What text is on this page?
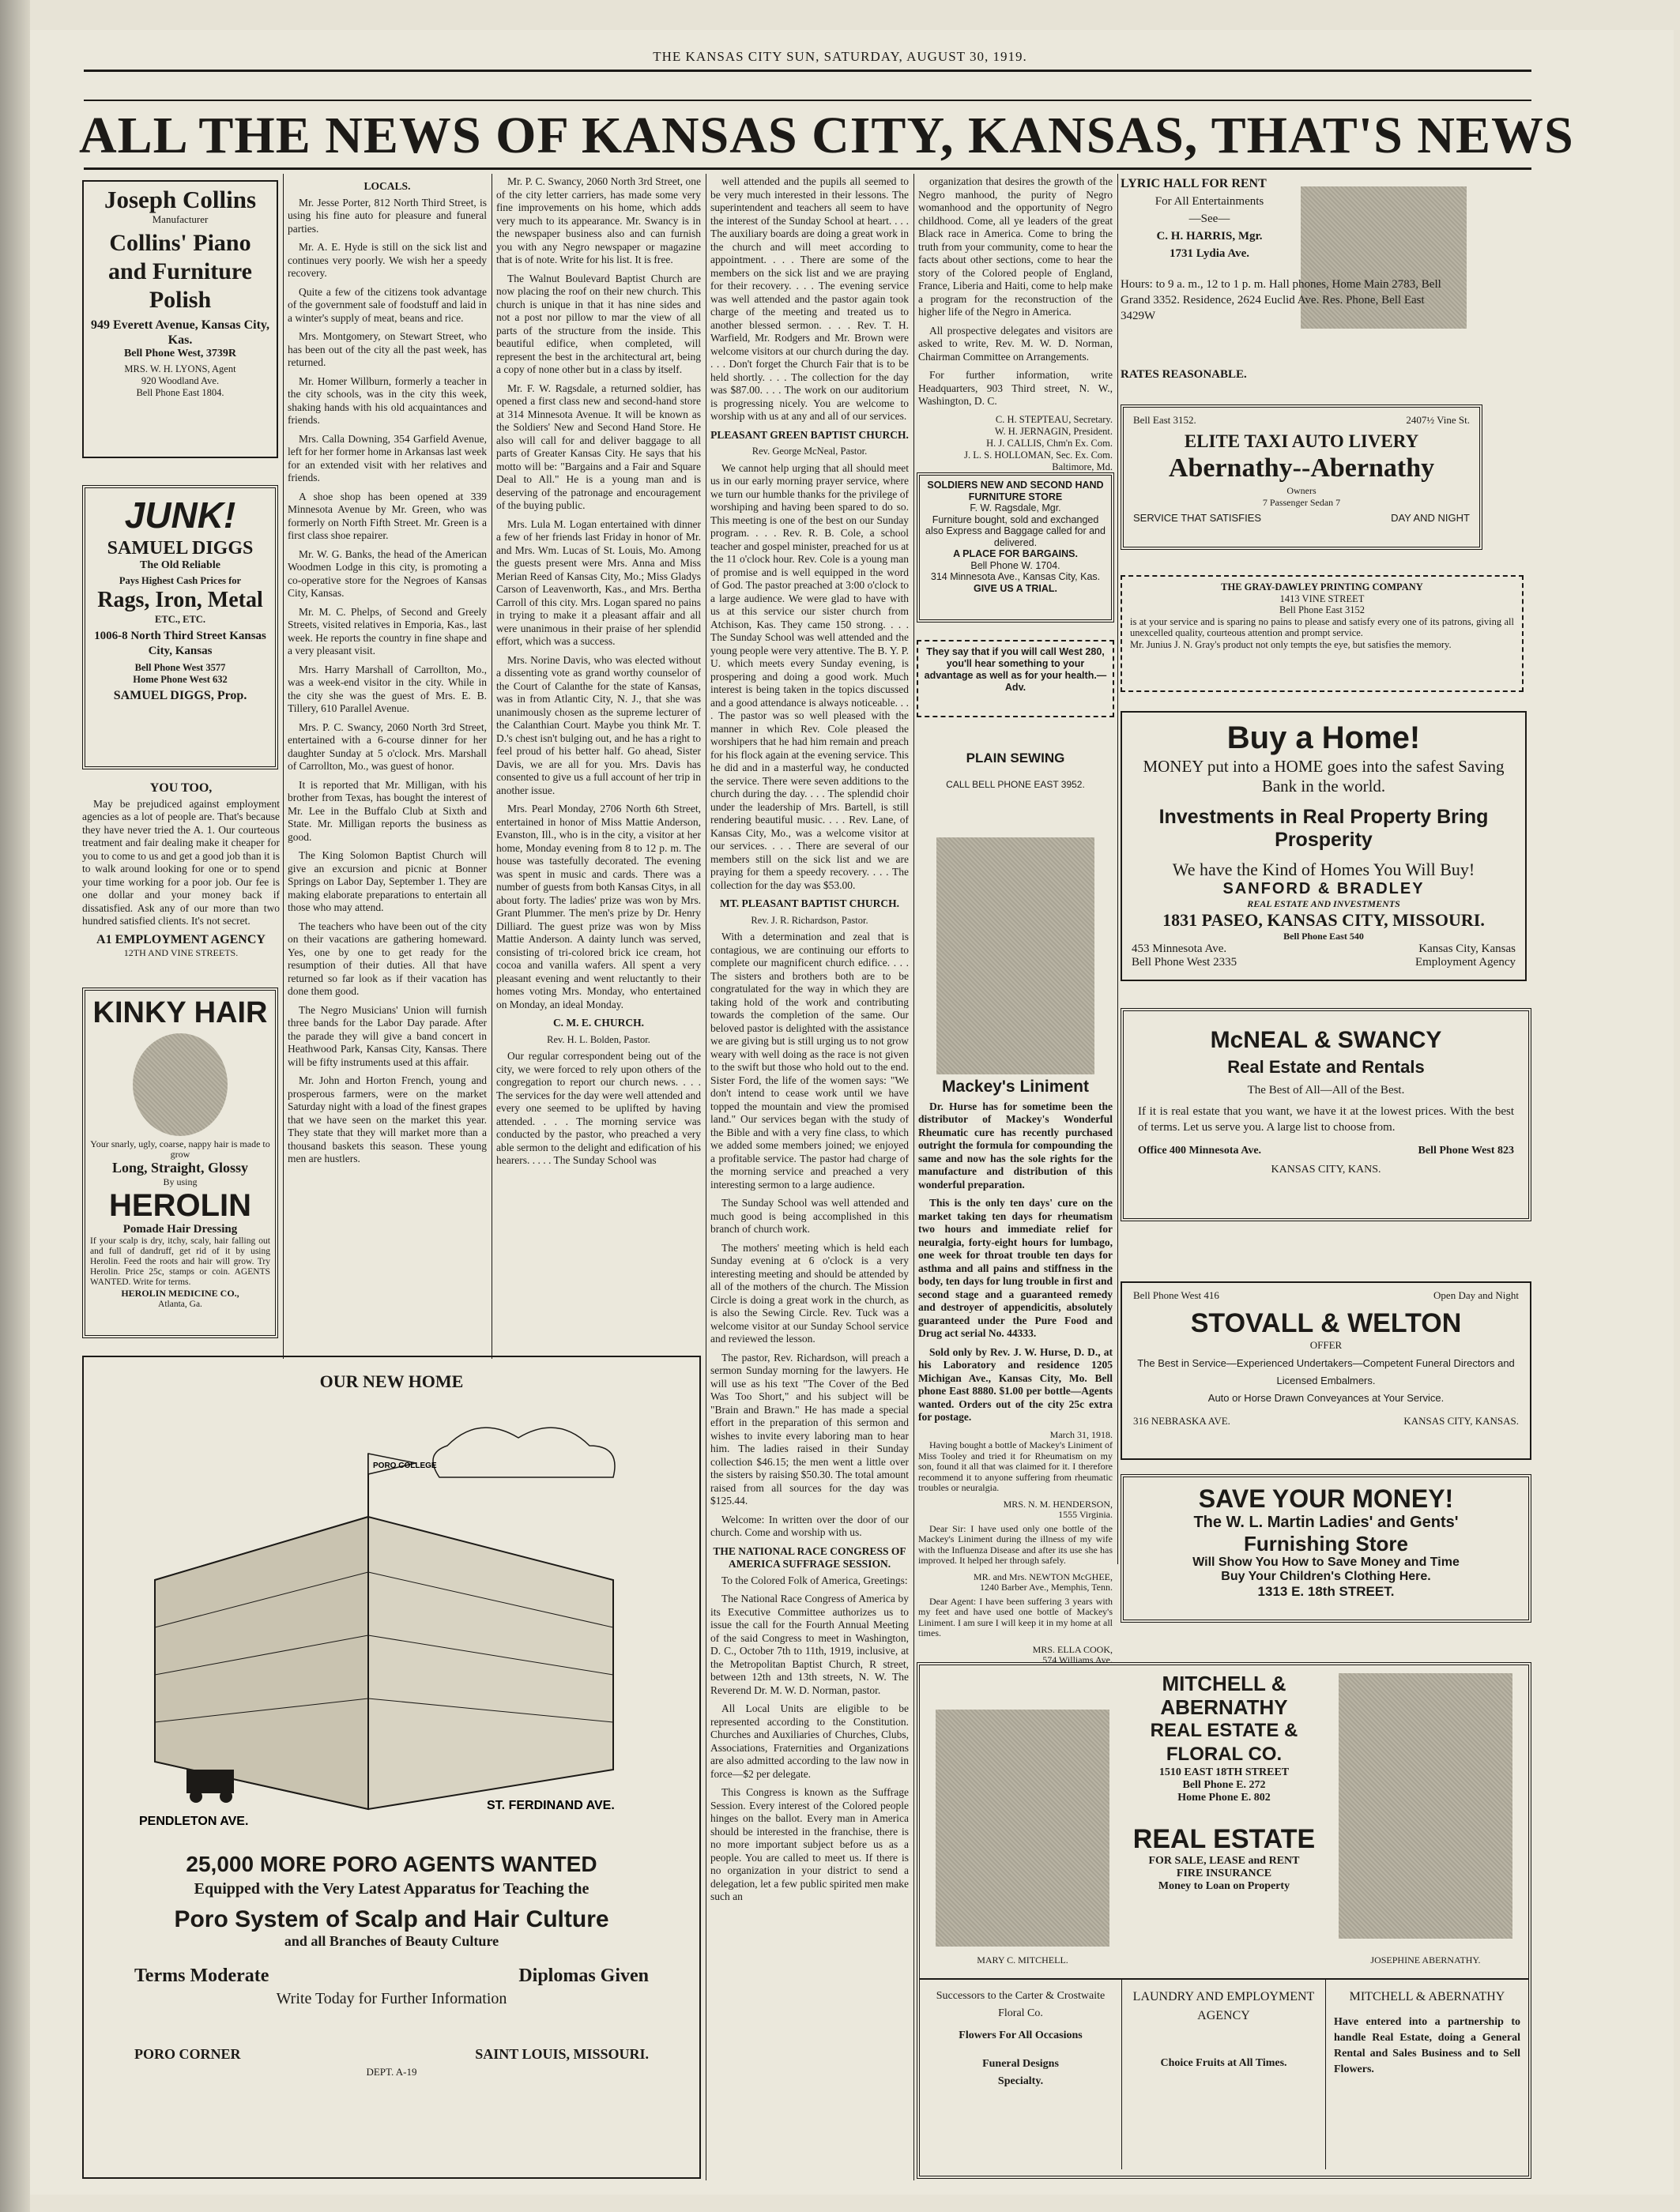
THE KANSAS CITY SUN, SATURDAY, AUGUST 30, 1919.
ALL THE NEWS OF KANSAS CITY, KANSAS, THAT'S NEWS
Joseph Collins
Manufacturer
Collins' Piano and Furniture Polish
949 Everett Avenue, Kansas City, Kas.
Bell Phone West, 3739R
MRS. W. H. LYONS, Agent
920 Woodland Ave.
Bell Phone East 1804.
JUNK!
SAMUEL DIGGS
The Old Reliable
Pays Highest Cash Prices for
Rags, Iron, Metal
ETC., ETC.
1006-8 North Third Street Kansas City, Kansas
Bell Phone West 3577
Home Phone West 632
SAMUEL DIGGS, Prop.
YOU TOO,

May be prejudiced against employment agencies as a lot of people are. That's because they have never tried the A. 1. Our courteous treatment and fair dealing make it cheaper for you to come to us and get a good job than it is to walk around looking for one or to spend your time working for a poor job. Our fee is one dollar and your money back if dissatisfied. Ask any of our more than two hundred satisfied clients. It's not secret.

A1 EMPLOYMENT AGENCY
12TH AND VINE STREETS.
KINKY HAIR
Your snarly, ugly, coarse, nappy hair is made to grow
Long, Straight, Glossy
By using
HEROLIN
Pomade Hair Dressing
If your scalp is dry, itchy, scaly, hair falling out and full of dandruff, get rid of it by using Herolin. Feed the roots and hair will grow. Try Herolin. Price 25c, stamps or coin. AGENTS WANTED. Write for terms.
HEROLIN MEDICINE CO.,
Atlanta, Ga.
LOCALS.

Mr. Jesse Porter, 812 North Third Street, is using his fine auto for pleasure and funeral parties.

Mr. A. E. Hyde is still on the sick list and continues very poorly. We wish her a speedy recovery.

Quite a few of the citizens took advantage of the government sale of foodstuff and laid in a winter's supply of meat, beans and rice.

Mrs. Montgomery, on Stewart Street, who has been out of the city all the past week, has returned.

Mr. Homer Willburn, formerly a teacher in the city schools, was in the city this week, shaking hands with his old acquaintances and friends.

Mrs. Calla Downing, 354 Garfield Avenue, left for her former home in Arkansas last week for an extended visit with her relatives and friends.

A shoe shop has been opened at 339 Minnesota Avenue by Mr. Green, who was formerly on North Fifth Street. Mr. Green is a first class shoe repairer.

Mr. W. G. Banks, the head of the American Woodmen Lodge in this city, is promoting a co-operative store for the Negroes of Kansas City, Kansas.

Mr. M. C. Phelps, of Second and Greely Streets, visited relatives in Emporia, Kas., last week. He reports the country in fine shape and a very pleasant visit.

Mrs. Harry Marshall of Carrollton, Mo., was a week-end visitor in the city. While in the city she was the guest of Mrs. E. B. Tillery, 610 Parallel Avenue.

Mrs. P. C. Swancy, 2060 North 3rd Street, entertained with a 6-course dinner for her daughter Sunday at 5 o'clock. Mrs. Marshall of Carrollton, Mo., was guest of honor.

It is reported that Mr. Milligan, with his brother from Texas, has bought the interest of Mr. Lee in the Buffalo Club at Sixth and State. Mr. Milligan reports the business as good.

The King Solomon Baptist Church will give an excursion and picnic at Bonner Springs on Labor Day, September 1. They are making elaborate preparations to entertain all those who may attend.

The teachers who have been out of the city on their vacations are gathering homeward. Yes, one by one to get ready for the resumption of their duties. All that have returned so far look as if their vacation has done them good.

The Negro Musicians' Union will furnish three bands for the Labor Day parade. After the parade they will give a band concert in Heathwood Park, Kansas City, Kansas. There will be fifty instruments used at this affair.

Mr. John and Horton French, young and prosperous farmers, were on the market Saturday night with a load of the finest grapes that we have seen on the market this year. They state that they will market more than a thousand baskets this season. These young men are hustlers.

Mr. P. C. Swancy, 2060 North 3rd Street, one of the city letter carriers, has made some very fine improvements on his home, which adds very much to its appearance. Mr. Swancy is in the newspaper business also and can furnish you with any Negro newspaper or magazine that is of note. Write for his list. It is free.

The Walnut Boulevard Baptist Church are now placing the roof on their new church. This church is unique in that it has nine sides and not a post nor pillow to mar the view of all parts of the structure from the inside. This beautiful edifice, when completed, will represent the best in the architectural art, being a copy of none other but in a class by itself.

Mr. F. W. Ragsdale, a returned soldier, has opened a first class new and second-hand store at 314 Minnesota Avenue. It will be known as the Soldiers' New and Second Hand Store. He also will call for and deliver baggage to all parts of Greater Kansas City. He says that his motto will be: "Bargains and a Fair and Square Deal to All." He is a young man and is deserving of the patronage and encouragement of the buying public.

Mrs. Lula M. Logan entertained with dinner a few of her friends last Friday in honor of Mr. and Mrs. Wm. Lucas of St. Louis, Mo. Among the guests present were Mrs. Anna and Miss Merian Reed of Kansas City, Mo.; Miss Gladys Carson of Leavenworth, Kas., and Mrs. Bertha Carroll of this city. Mrs. Logan spared no pains in trying to make it a pleasant affair and all were unanimous in their praise of her splendid effort, which was a success.

Mrs. Norine Davis, who was elected without a dissenting vote as grand worthy counselor of the Court of Calanthe for the state of Kansas, was in from Atlantic City, N. J., that she was unanimously chosen as the supreme lecturer of the Calanthian Court. Maybe you think Mr. T. D.'s chest isn't bulging out, and he has a right to feel proud of his better half. Go ahead, Sister Davis, we are all for you. Mrs. Davis has consented to give us a full account of her trip in another issue.

Mrs. Pearl Monday, 2706 North 6th Street, entertained in honor of Miss Mattie Anderson, Evanston, Ill., who is in the city, a visitor at her home, Monday evening from 8 to 12 p. m. The house was tastefully decorated. The evening was spent in music and cards. There was a number of guests from both Kansas Citys, in all about forty. The ladies' prize was won by Mrs. Grant Plummer. The men's prize by Dr. Henry Dilliard. The guest prize was won by Miss Mattie Anderson. A dainty lunch was served, consisting of tri-colored brick ice cream, hot cocoa and vanilla wafers. All spent a very pleasant evening and went reluctantly to their homes voting Mrs. Monday, who entertained on Monday, an ideal Monday.

C. M. E. CHURCH.
Rev. H. L. Bolden, Pastor.

Our regular correspondent being out of the city, we were forced to rely upon others of the congregation to report our church news. . . . The services for the day were well attended and every one seemed to be uplifted by having attended. . . . The morning service was conducted by the pastor, who preached a very able sermon to the delight and edification of his hearers. . . . . The Sunday School was

OUR NEW HOME
PORO COLLEGE
PENDLETON AVE.
ST. FERDINAND AVE.
25,000 MORE PORO AGENTS WANTED
Equipped with the Very Latest Apparatus for Teaching the
Poro System of Scalp and Hair Culture
and all Branches of Beauty Culture
Terms Moderate	Diplomas Given
Write Today for Further Information
PORO CORNER	SAINT LOUIS, MISSOURI.
DEPT. A-19

well attended and the pupils all seemed to be very much interested in their lessons. The superintendent and teachers all seem to have the interest of the Sunday School at heart. . . . The auxiliary boards are doing a great work in the church and will meet according to appointment. . . . There are some of the members on the sick list and we are praying for their recovery. . . . The evening service was well attended and the pastor again took charge of the meeting and treated us to another blessed sermon. . . . Rev. T. H. Warfield, Mr. Rodgers and Mr. Brown were welcome visitors at our church during the day. . . . Don't forget the Church Fair that is to be held shortly. . . . The collection for the day was $87.00. . . . The work on our auditorium is progressing nicely. You are welcome to worship with us at any and all of our services.

PLEASANT GREEN BAPTIST CHURCH.
Rev. George McNeal, Pastor.

We cannot help urging that all should meet us in our early morning prayer service, where we turn our humble thanks for the privilege of worshiping and having been spared to do so. This meeting is one of the best on our Sunday program. . . . Rev. R. B. Cole, a school teacher and gospel minister, preached for us at the 11 o'clock hour. Rev. Cole is a young man of promise and is well equipped in the word of God. The pastor preached at 3:00 o'clock to a large audience. We were glad to have with us at this service our sister church from Atchison, Kas. They came 150 strong. . . . The Sunday School was well attended and the young people were very attentive. The B. Y. P. U. which meets every Sunday evening, is prospering and doing a good work. Much interest is being taken in the topics discussed and a good attendance is always noticeable. . . . The pastor was so well pleased with the manner in which Rev. Cole pleased the worshipers that he had him remain and preach for his flock again at the evening service. This he did and in a masterful way, he conducted the service. There were seven additions to the church during the day. . . . The splendid choir under the leadership of Mrs. Bartell, is still rendering beautiful music. . . . Rev. Lane, of Kansas City, Mo., was a welcome visitor at our services. . . . There are several of our members still on the sick list and we are praying for them a speedy recovery. . . . The collection for the day was $53.00.

MT. PLEASANT BAPTIST CHURCH.
Rev. J. R. Richardson, Pastor.

With a determination and zeal that is contagious, we are continuing our efforts to complete our magnificent church edifice. . . . The sisters and brothers both are to be congratulated for the way in which they are taking hold of the work and contributing towards the completion of the same. Our beloved pastor is delighted with the assistance we are giving but is still urging us to not grow weary with well doing as the race is not given to the swift but those who hold out to the end. Sister Ford, the life of the women says: "We don't intend to cease work until we have topped the mountain and view the promised land." Our services began with the study of the Bible and with a very fine class, to which we added some members joined; we enjoyed a profitable service. The pastor had charge of the morning service and preached a very interesting sermon to a large audience.

The Sunday School was well attended and much good is being accomplished in this branch of church work.

The mothers' meeting which is held each Sunday evening at 6 o'clock is a very interesting meeting and should be attended by all of the mothers of the church. The Mission Circle is doing a great work in the church, as is also the Sewing Circle. Rev. Tuck was a welcome visitor at our Sunday School service and reviewed the lesson.

The pastor, Rev. Richardson, will preach a sermon Sunday morning for the lawyers. He will use as his text "The Cover of the Bed Was Too Short," and his subject will be "Brain and Brawn." He has made a special effort in the preparation of this sermon and wishes to invite every laboring man to hear him. The ladies raised in their Sunday collection $46.15; the men went a little over the sisters by raising $50.30. The total amount raised from all sources for the day was $125.44.

Welcome: In written over the door of our church. Come and worship with us.

THE NATIONAL RACE CONGRESS OF AMERICA SUFFRAGE SESSION.

To the Colored Folk of America, Greetings:

The National Race Congress of America by its Executive Committee authorizes us to issue the call for the Fourth Annual Meeting of the said Congress to meet in Washington, D. C., October 7th to 11th, 1919, inclusive, at the Metropolitan Baptist Church, R street, between 12th and 13th streets, N. W. The Reverend Dr. M. W. D. Norman, pastor.

All Local Units are eligible to be represented according to the Constitution. Churches and Auxiliaries of Churches, Clubs, Associations, Fraternities and Organizations are also admitted according to the law now in force—$2 per delegate.

This Congress is known as the Suffrage Session. Every interest of the Colored people hinges on the ballot. Every man in America should be interested in the franchise, there is no more important subject before us as a people. You are called to meet us. If there is no organization in your district to send a delegation, let a few public spirited men make such an

organization that desires the growth of the Negro manhood, the purity of Negro womanhood and the opportunity of Negro childhood. Come, all ye leaders of the great Black race in America. Come to bring the truth from your community, come to hear the facts about other sections, come to hear the story of the Colored people of England, France, Liberia and Haiti, come to help make a program for the reconstruction of the higher life of the Negro in America.

All prospective delegates and visitors are asked to write, Rev. M. W. D. Norman, Chairman Committee on Arrangements.

For further information, write Headquarters, 903 Third street, N. W., Washington, D. C.

C. H. STEPTEAU, Secretary.
W. H. JERNAGIN, President.
H. J. CALLIS, Chm'n Ex. Com.
J. L. S. HOLLOMAN, Sec. Ex. Com.
Baltimore, Md.
SOLDIERS NEW AND SECOND HAND FURNITURE STORE
F. W. Ragsdale, Mgr.
Furniture bought, sold and exchanged also Express and Baggage called for and delivered.
A PLACE FOR BARGAINS.
Bell Phone W. 1704.
314 Minnesota Ave., Kansas City, Kas.
GIVE US A TRIAL.
They say that if you will call West 280, you'll hear something to your advantage as well as for your health.—Adv.
PLAIN SEWING
CALL BELL PHONE EAST 3952.
Mackey's Liniment

Dr. Hurse has for sometime been the distributor of Mackey's Wonderful Rheumatic cure has recently purchased outright the formula for compounding the same and now has the sole rights for the manufacture and distribution of this wonderful preparation.

This is the only ten days' cure on the market taking ten days for rheumatism two hours and immediate relief for neuralgia, forty-eight hours for lumbago, one week for throat trouble ten days for asthma and all pains and stiffness in the body, ten days for lung trouble in first and second stage and a guaranteed remedy and destroyer of appendicitis, absolutely guaranteed under the Pure Food and Drug act serial No. 44333.

Sold only by Rev. J. W. Hurse, D. D., at his Laboratory and residence 1205 Michigan Ave., Kansas City, Mo. Bell phone East 8880. $1.00 per bottle—Agents wanted. Orders out of the city 25c extra for postage.

March 31, 1918.

Having bought a bottle of Mackey's Liniment of Miss Tooley and tried it for Rheumatism on my son, found it all that was claimed for it. I therefore recommend it to anyone suffering from rheumatic troubles or neuralgia.

MRS. N. M. HENDERSON,
1555 Virginia.

Dear Sir: I have used only one bottle of the Mackey's Liniment during the illness of my wife with the Influenza Disease and after its use she has improved. It helped her through safely.

MR. and Mrs. NEWTON McGHEE,
1240 Barber Ave., Memphis, Tenn.

Dear Agent: I have been suffering 3 years with my feet and have used one bottle of Mackey's Liniment. I am sure I will keep it in my home at all times.

MRS. ELLA COOK,
574 Williams Ave.
LYRIC HALL FOR RENT
For All Entertainments
—See—
C. H. HARRIS, Mgr.
1731 Lydia Ave.
Hours: to 9 a. m., 12 to 1 p. m. Hall phones, Home Main 2783, Bell Grand 3352. Residence, 2624 Euclid Ave. Res. Phone, Bell East 3429W
RATES REASONABLE.
Bell East 3152.	2407½ Vine St.
ELITE TAXI AUTO LIVERY
Abernathy--Abernathy
Owners
7 Passenger Sedan 7
SERVICE THAT SATISFIES	DAY AND NIGHT
THE GRAY-DAWLEY PRINTING COMPANY
1413 VINE STREET
Bell Phone East 3152
is at your service and is sparing no pains to please and satisfy every one of its patrons, giving all unexcelled quality, courteous attention and prompt service.
Mr. Junius J. N. Gray's product not only tempts the eye, but satisfies the memory.
Buy a Home!
MONEY put into a HOME goes into the safest Saving Bank in the world.
Investments in Real Property Bring Prosperity
We have the Kind of Homes You Will Buy!
SANFORD & BRADLEY
REAL ESTATE AND INVESTMENTS
1831 PASEO, KANSAS CITY, MISSOURI.
Bell Phone East 540
453 Minnesota Ave.	Kansas City, Kansas
Bell Phone West 2335	Employment Agency
McNEAL & SWANCY
Real Estate and Rentals
The Best of All—All of the Best.
If it is real estate that you want, we have it at the lowest prices. With the best of terms. Let us serve you. A large list to choose from.
Office 400 Minnesota Ave.	Bell Phone West 823
KANSAS CITY, KANS.
Bell Phone West 416	Open Day and Night
STOVALL & WELTON
OFFER
The Best in Service—Experienced Undertakers—Competent Funeral Directors and Licensed Embalmers.
Auto or Horse Drawn Conveyances at Your Service.
316 NEBRASKA AVE.	KANSAS CITY, KANSAS.
SAVE YOUR MONEY!
The W. L. Martin Ladies' and Gents'
Furnishing Store
Will Show You How to Save Money and Time
Buy Your Children's Clothing Here.
1313 E. 18th STREET.
MARY C. MITCHELL.	JOSEPHINE ABERNATHY.
MITCHELL & ABERNATHY
REAL ESTATE & FLORAL CO.
1510 EAST 18TH STREET
Bell Phone E. 272
Home Phone E. 802
REAL ESTATE
FOR SALE, LEASE and RENT
FIRE INSURANCE
Money to Loan on Property
Successors to the Carter & Crostwaite Floral Co.
Flowers For All Occasions
Funeral Designs
Specialty.
LAUNDRY AND EMPLOYMENT AGENCY
Choice Fruits at All Times.
MITCHELL & ABERNATHY
Have entered into a partnership to handle Real Estate, doing a General Rental and Sales Business and to Sell Flowers.
